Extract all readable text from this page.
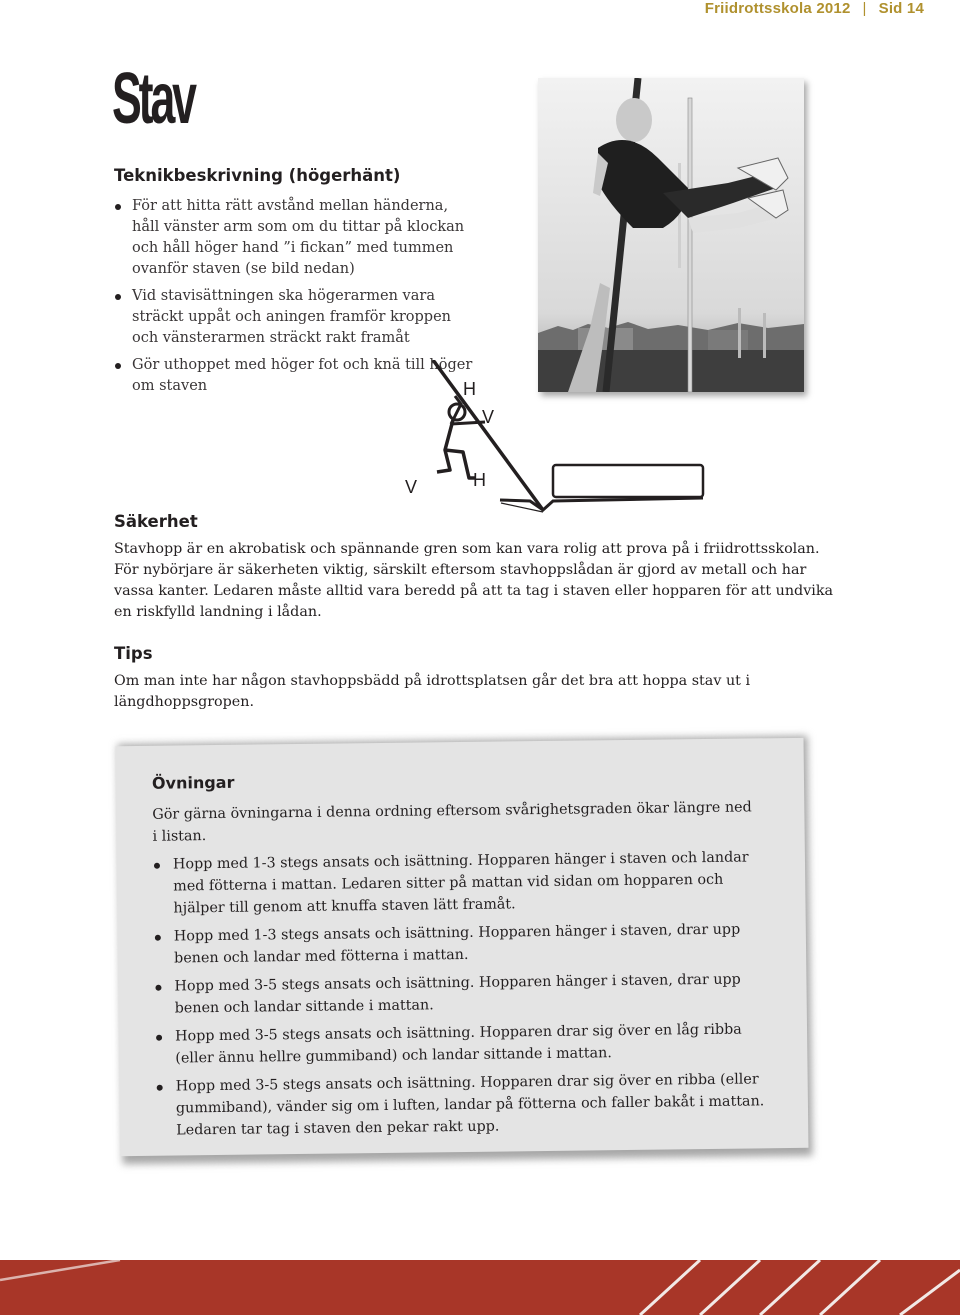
Friidrottsskola 2012 | Sid 14
Stav
Teknikbeskrivning (högerhänt)
För att hitta rätt avstånd mellan händerna, håll vänster arm som om du tittar på klockan och håll höger hand ”i fickan” med tummen ovanför staven (se bild nedan)
Vid stavisättningen ska högerarmen vara sträckt uppåt och aningen framför kroppen och vänsterarmen sträckt rakt framåt
Gör uthoppet med höger fot och knä till höger om staven	H
V
V	H
Säkerhet
Stavhopp är en akrobatisk och spännande gren som kan vara rolig att prova på i friidrottsskolan. För nybörjare är säkerheten viktig, särskilt eftersom stavhoppslådan är gjord av metall och har vassa kanter. Ledaren måste alltid vara beredd på att ta tag i staven eller hopparen för att undvika en riskfylld landning i lådan.
Tips
Om man inte har någon stavhoppsbädd på idrottsplatsen går det bra att hoppa stav ut i längdhoppsgropen.
Övningar
Gör gärna övningarna i denna ordning eftersom svårighetsgraden ökar längre ned i listan.
Hopp med 1-3 stegs ansats och isättning. Hopparen hänger i staven och landar med fötterna i mattan. Ledaren sitter på mattan vid sidan om hopparen och hjälper till genom att knuffa staven lätt framåt.
Hopp med 1-3 stegs ansats och isättning. Hopparen hänger i staven, drar upp benen och landar med fötterna i mattan.
Hopp med 3-5 stegs ansats och isättning. Hopparen hänger i staven, drar upp benen och landar sittande i mattan.
Hopp med 3-5 stegs ansats och isättning. Hopparen drar sig över en låg ribba (eller ännu hellre gummiband) och landar sittande i mattan.
Hopp med 3-5 stegs ansats och isättning. Hopparen drar sig över en ribba (eller gummiband), vänder sig om i luften, landar på fötterna och faller bakåt i mattan. Ledaren tar tag i staven den pekar rakt upp.
